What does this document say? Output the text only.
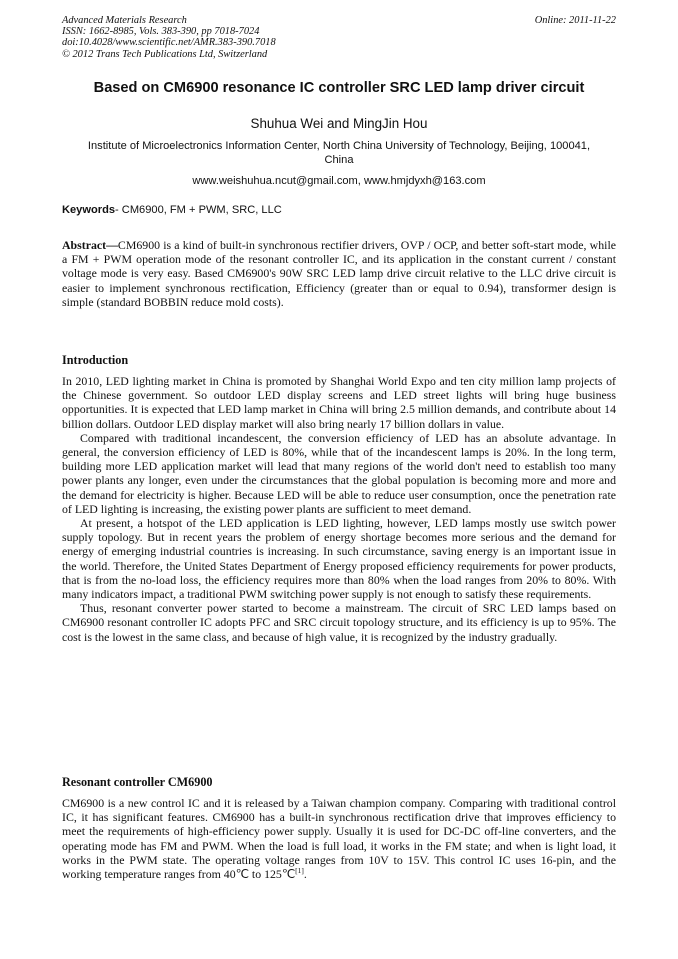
Advanced Materials Research
ISSN: 1662-8985, Vols. 383-390, pp 7018-7024
doi:10.4028/www.scientific.net/AMR.383-390.7018
© 2012 Trans Tech Publications Ltd, Switzerland
Online: 2011-11-22
Based on CM6900 resonance IC controller SRC LED lamp driver circuit
Shuhua Wei and MingJin Hou
Institute of Microelectronics Information Center, North China University of Technology, Beijing, 100041, China
www.weishuhua.ncut@gmail.com, www.hmjdyxh@163.com
Keywords- CM6900, FM + PWM, SRC, LLC

Abstract—CM6900 is a kind of built-in synchronous rectifier drivers, OVP / OCP, and better soft-start mode, while a FM + PWM operation mode of the resonant controller IC, and its application in the constant current / constant voltage mode is very easy. Based CM6900's 90W SRC LED lamp drive circuit relative to the LLC drive circuit is easier to implement synchronous rectification, Efficiency (greater than or equal to 0.94), transformer design is simple (standard BOBBIN reduce mold costs).

Introduction

In 2010, LED lighting market in China is promoted by Shanghai World Expo and ten city million lamp projects of the Chinese government. So outdoor LED display screens and LED street lights will bring huge business opportunities. It is expected that LED lamp market in China will bring 2.5 million demands, and contribute about 14 billion dollars. Outdoor LED display market will also bring nearly 17 billion dollars in value.

Compared with traditional incandescent, the conversion efficiency of LED has an absolute advantage. In general, the conversion efficiency of LED is 80%, while that of the incandescent lamps is 20%. In the long term, building more LED application market will lead that many regions of the world don't need to establish too many power plants any longer, even under the circumstances that the global population is becoming more and more and the demand for electricity is higher. Because LED will be able to reduce user consumption, once the penetration rate of LED lighting is increasing, the existing power plants are sufficient to meet demand.

At present, a hotspot of the LED application is LED lighting, however, LED lamps mostly use switch power supply topology. But in recent years the problem of energy shortage becomes more serious and the demand for energy of emerging industrial countries is increasing. In such circumstance, saving energy is an important issue in the world. Therefore, the United States Department of Energy proposed efficiency requirements for power products, that is from the no-load loss, the efficiency requires more than 80% when the load ranges from 20% to 80%. With many indicators impact, a traditional PWM switching power supply is not enough to satisfy these requirements.

Thus, resonant converter power started to become a mainstream. The circuit of SRC LED lamps based on CM6900 resonant controller IC adopts PFC and SRC circuit topology structure, and its efficiency is up to 95%. The cost is the lowest in the same class, and because of high value, it is recognized by the industry gradually.

Resonant controller CM6900

CM6900 is a new control IC and it is released by a Taiwan champion company. Comparing with traditional control IC, it has significant features. CM6900 has a built-in synchronous rectification drive that improves efficiency to meet the requirements of high-efficiency power supply. Usually it is used for DC-DC off-line converters, and the operating mode has FM and PWM. When the load is full load, it works in the FM state; and when is light load, it works in the PWM state. The operating voltage ranges from 10V to 15V. This control IC uses 16-pin, and the working temperature ranges from 40℃ to 125℃[1].
